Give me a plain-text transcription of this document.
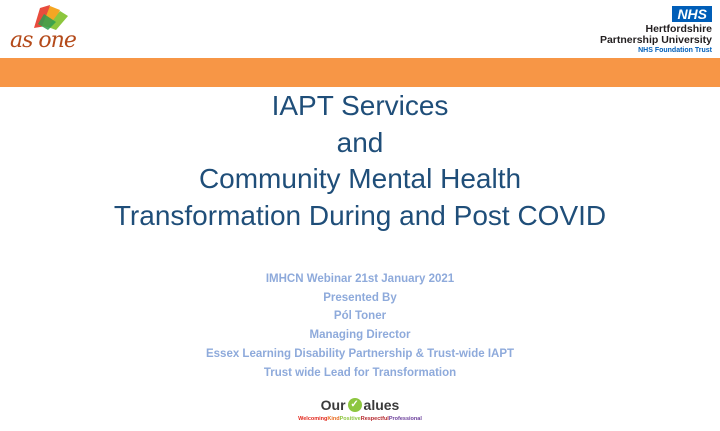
as one
NHS
Hertfordshire
Partnership University
NHS Foundation Trust
IAPT Services
and
Community Mental Health
Transformation During and Post COVID
IMHCN Webinar 21st January 2021
Presented By
Pól Toner
Managing Director
Essex Learning Disability Partnership & Trust-wide IAPT
Trust wide Lead for Transformation
Our ✓ alues
WelcomingKindPositiveRespectfulProfessional
